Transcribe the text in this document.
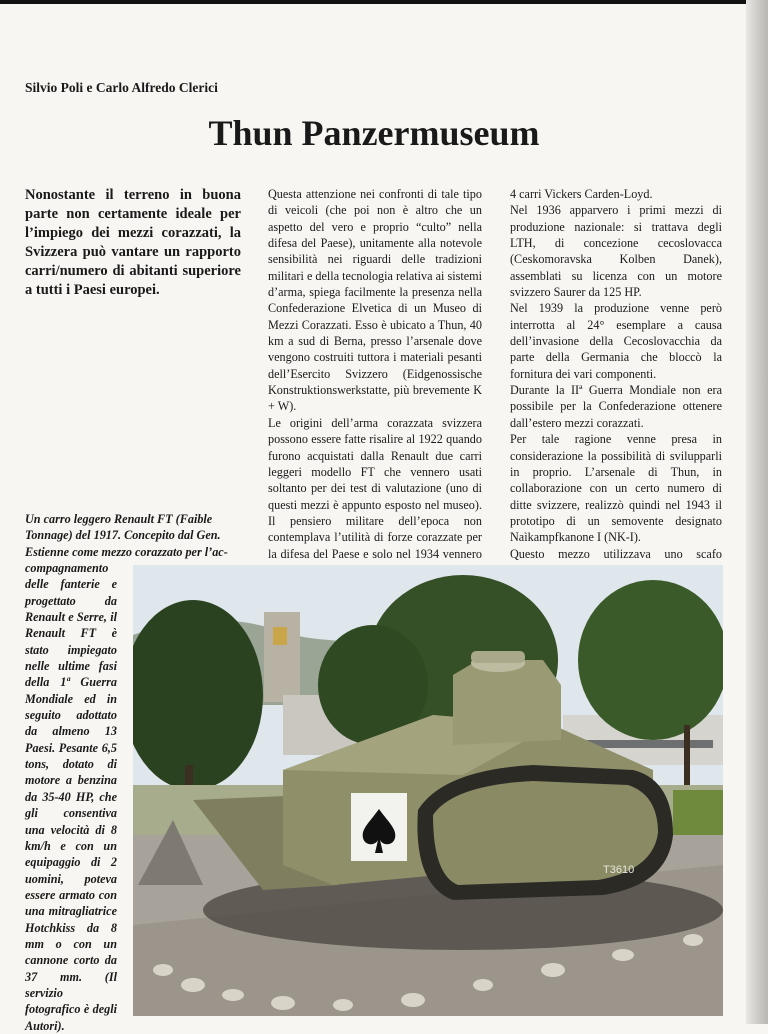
Silvio Poli e Carlo Alfredo Clerici
Thun Panzermuseum
Nonostante il terreno in buona parte non certamente ideale per l’impiego dei mezzi corazzati, la Svizzera può vantare un rapporto carri/numero di abitanti superiore a tutti i Paesi europei.

Questa attenzione nei confronti di tale tipo di veicoli (che poi non è altro che un aspetto del vero e proprio “culto” nella difesa del Paese), unitamente alla notevole sensibilità nei riguardi delle tradizioni militari e della tecnologia relativa ai sistemi d’arma, spiega facilmente la presenza nella Confederazione Elvetica di un Museo di Mezzi Corazzati. Esso è ubicato a Thun, 40 km a sud di Berna, presso l’arsenale dove vengono costruiti tuttora i materiali pesanti dell’Esercito Svizzero (Eidgenossische Konstruktionswerkstatte, più brevemente K + W).

Le origini dell’arma corazzata svizzera possono essere fatte risalire al 1922 quando furono acquistati dalla Renault due carri leggeri modello FT che vennero usati soltanto per dei test di valutazione (uno di questi mezzi è appunto esposto nel museo). Il pensiero militare dell’epoca non contemplava l’utilità di forze corazzate per la difesa del Paese e solo nel 1934 vennero

4 carri Vickers Carden-Loyd.

Nel 1936 apparvero i primi mezzi di produzione nazionale: si trattava degli LTH, di concezione cecoslovacca (Ceskomoravska Kolben Danek), assemblati su licenza con un motore svizzero Saurer da 125 HP.

Nel 1939 la produzione venne però interrotta al 24° esemplare a causa dell’invasione della Cecoslovacchia da parte della Germania che bloccò la fornitura dei vari componenti.

Durante la IIª Guerra Mondiale non era possibile per la Confederazione ottenere dall’estero mezzi corazzati.

Per tale ragione venne presa in considerazione la possibilità di svilupparli in proprio. L’arsenale di Thun, in collaborazione con un certo numero di ditte svizzere, realizzò quindi nel 1943 il prototipo di un semovente designato Naìkampfkanone I (NK-I).

Questo mezzo utilizzava uno scafo

Un carro leggero Renault FT (Faible Tonnage) del 1917. Concepito dal Gen. Estienne come mezzo corazzato per l’ac-
compagnamento delle fanterie e progettato da Renault e Serre, il Renault FT è stato impiegato nelle ultime fasi della 1ª Guerra Mondiale ed in seguito adottato da almeno 13 Paesi. Pesante 6,5 tons, dotato di motore a benzina da 35-40 HP, che gli consentiva una velocità di 8 km/h e con un equipaggio di 2 uomini, poteva essere armato con una mitragliatrice Hotchkiss da 8 mm o con un cannone corto da 37 mm. (Il servizio fotografico è degli Autori).
T3610
